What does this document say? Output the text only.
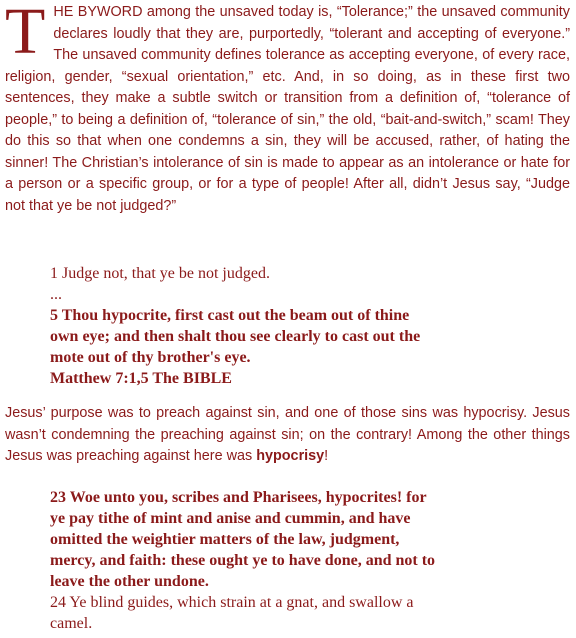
THE BYWORD among the unsaved today is, “Tolerance;” the unsaved community declares loudly that they are, purportedly, “tolerant and accepting of everyone.” The unsaved community defines tolerance as accepting everyone, of every race, religion, gender, “sexual orientation,” etc. And, in so doing, as in these first two sentences, they make a subtle switch or transition from a definition of, “tolerance of people,” to being a definition of, “tolerance of sin,” the old, “bait-and-switch,” scam! They do this so that when one condemns a sin, they will be accused, rather, of hating the sinner! The Christian’s intolerance of sin is made to appear as an intolerance or hate for a person or a specific group, or for a type of people! After all, didn’t Jesus say, “Judge not that ye be not judged?”

1 Judge not, that ye be not judged.
...
5 Thou hypocrite, first cast out the beam out of thine
own eye; and then shalt thou see clearly to cast out the
mote out of thy brother's eye.
Matthew 7:1,5 The BIBLE

Jesus’ purpose was to preach against sin, and one of those sins was hypocrisy. Jesus wasn’t condemning the preaching against sin; on the contrary! Among the other things Jesus was preaching against here was hypocrisy!

23 Woe unto you, scribes and Pharisees, hypocrites! for
ye pay tithe of mint and anise and cummin, and have
omitted the weightier matters of the law, judgment,
mercy, and faith: these ought ye to have done, and not to
leave the other undone.
24 Ye blind guides, which strain at a gnat, and swallow a
camel.
